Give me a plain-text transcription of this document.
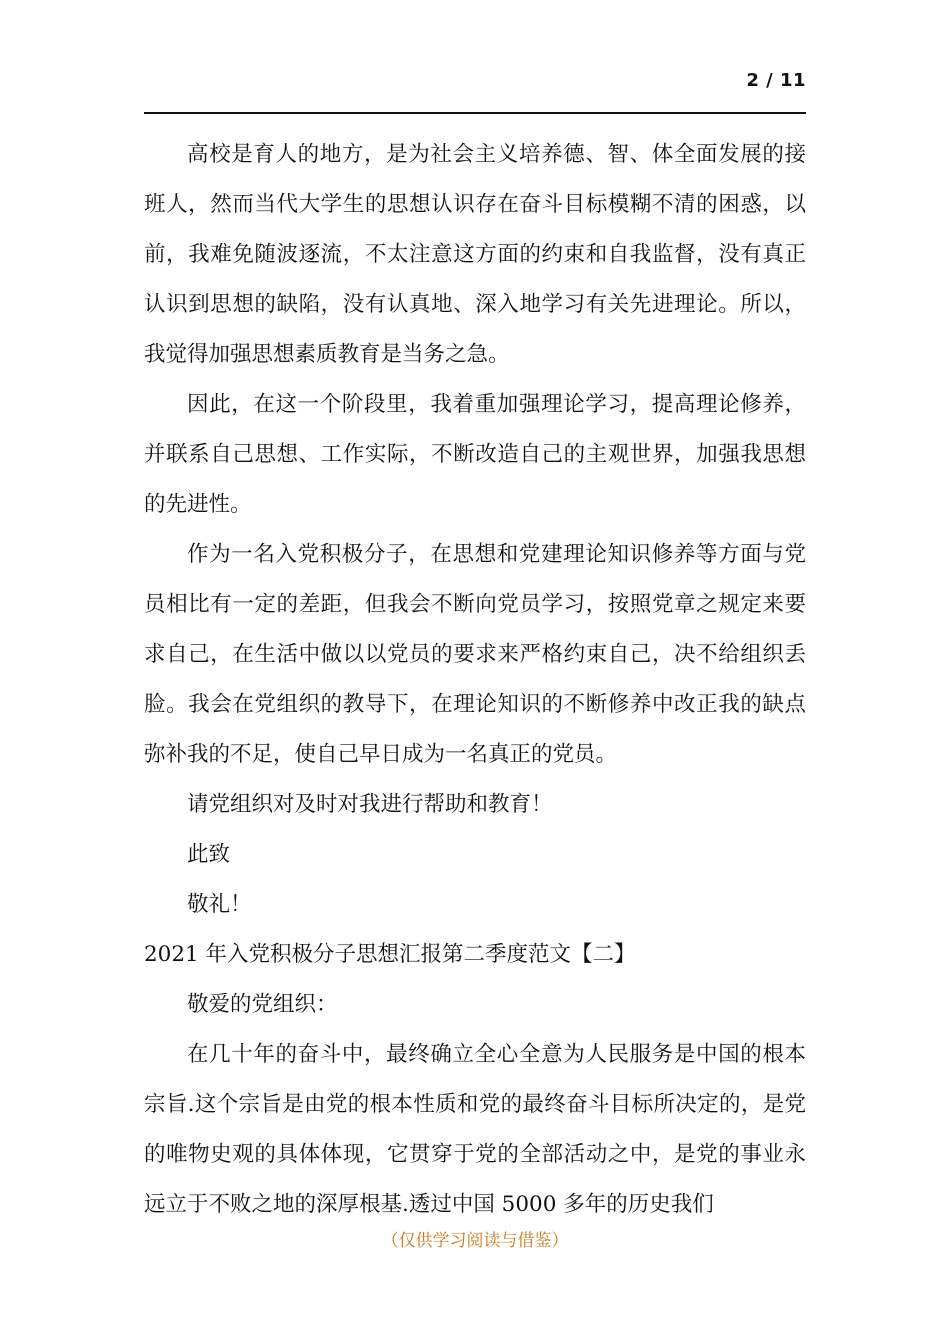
2 / 11

高校是育人的地方，是为社会主义培养德、智、体全面发展的接班人，然而当代大学生的思想认识存在奋斗目标模糊不清的困惑，以前，我难免随波逐流，不太注意这方面的约束和自我监督，没有真正认识到思想的缺陷，没有认真地、深入地学习有关先进理论。所以，我觉得加强思想素质教育是当务之急。

因此，在这一个阶段里，我着重加强理论学习，提高理论修养，并联系自己思想、工作实际，不断改造自己的主观世界，加强我思想的先进性。

作为一名入党积极分子，在思想和党建理论知识修养等方面与党员相比有一定的差距，但我会不断向党员学习，按照党章之规定来要求自己，在生活中做以以党员的要求来严格约束自己，决不给组织丢脸。我会在党组织的教导下，在理论知识的不断修养中改正我的缺点弥补我的不足，使自己早日成为一名真正的党员。

请党组织对及时对我进行帮助和教育！

此致

敬礼！

2021 年入党积极分子思想汇报第二季度范文【二】

敬爱的党组织：

在几十年的奋斗中，最终确立全心全意为人民服务是中国的根本宗旨.这个宗旨是由党的根本性质和党的最终奋斗目标所决定的，是党的唯物史观的具体体现，它贯穿于党的全部活动之中，是党的事业永远立于不败之地的深厚根基.透过中国 5000 多年的历史我们

（仅供学习阅读与借鉴）
